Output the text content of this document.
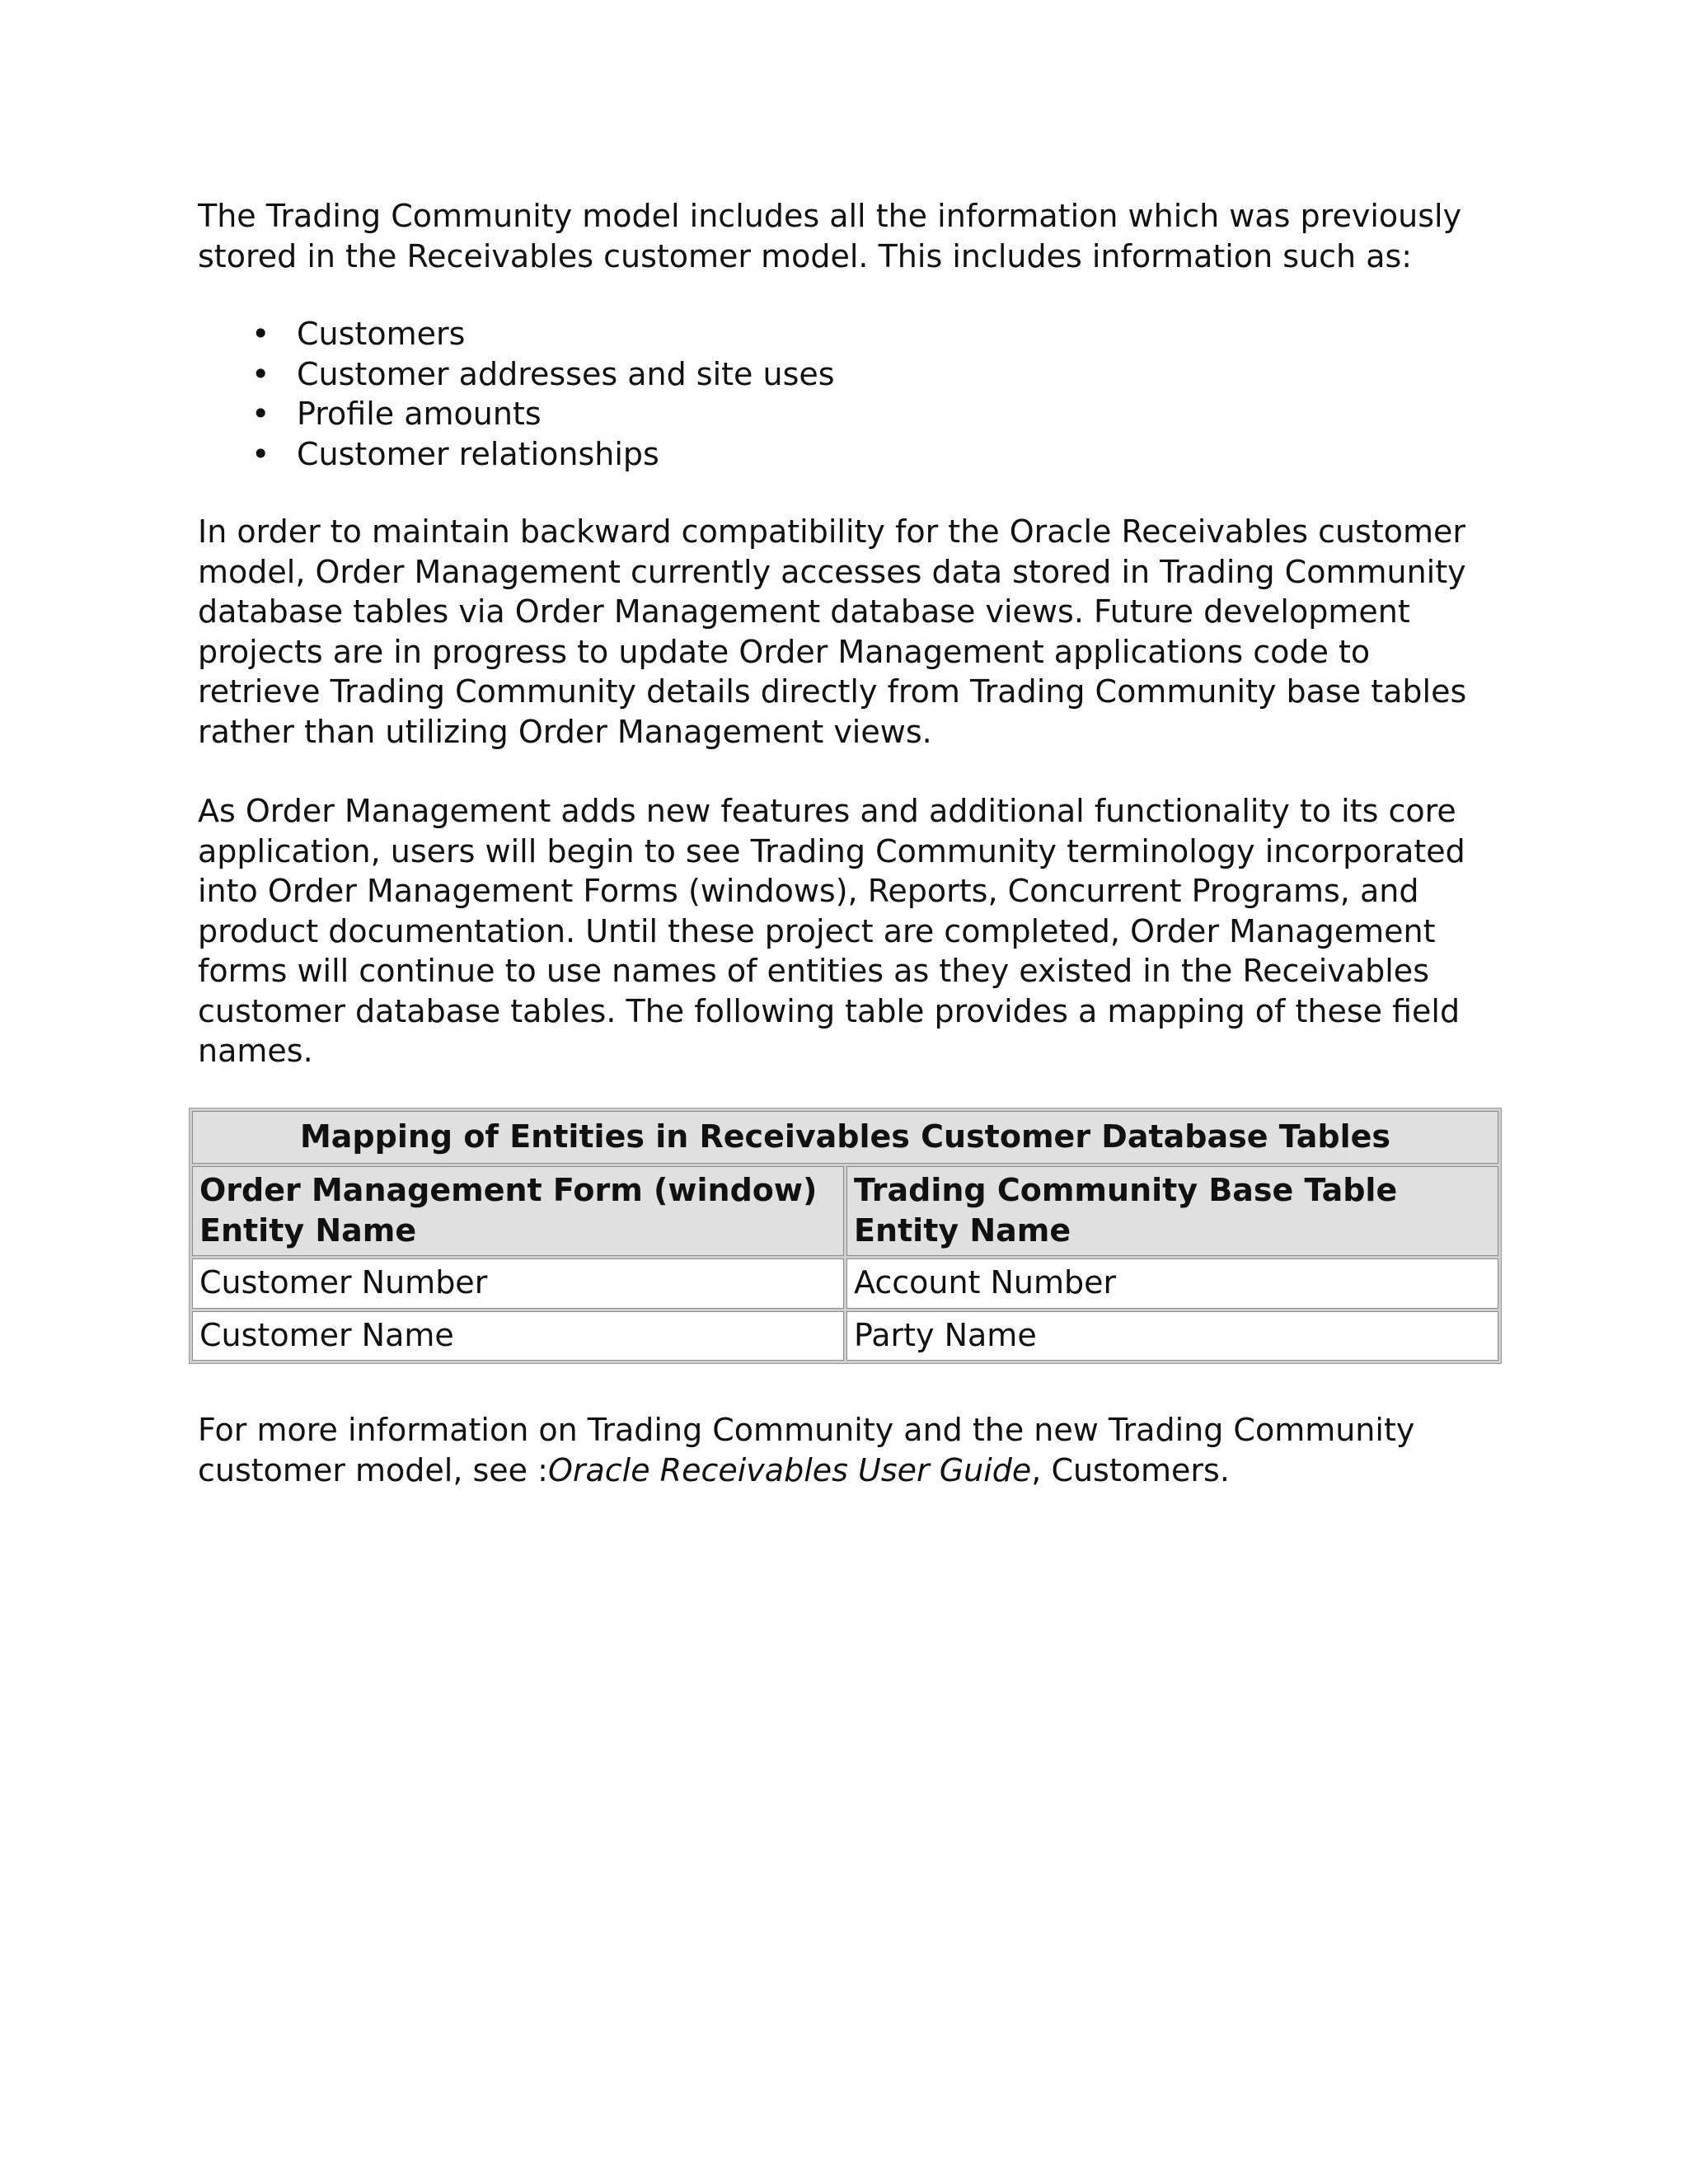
The Trading Community model includes all the information which was previously stored in the Receivables customer model. This includes information such as:

• Customers
• Customer addresses and site uses
• Profile amounts
• Customer relationships

In order to maintain backward compatibility for the Oracle Receivables customer model, Order Management currently accesses data stored in Trading Community database tables via Order Management database views. Future development projects are in progress to update Order Management applications code to retrieve Trading Community details directly from Trading Community base tables rather than utilizing Order Management views.

As Order Management adds new features and additional functionality to its core application, users will begin to see Trading Community terminology incorporated into Order Management Forms (windows), Reports, Concurrent Programs, and product documentation. Until these project are completed, Order Management forms will continue to use names of entities as they existed in the Receivables customer database tables. The following table provides a mapping of these field names.

Mapping of Entities in Receivables Customer Database Tables	
Order Management Form (window) Entity Name	Trading Community Base Table Entity Name
Customer Number	Account Number
Customer Name	Party Name

For more information on Trading Community and the new Trading Community customer model, see :Oracle Receivables User Guide, Customers.
